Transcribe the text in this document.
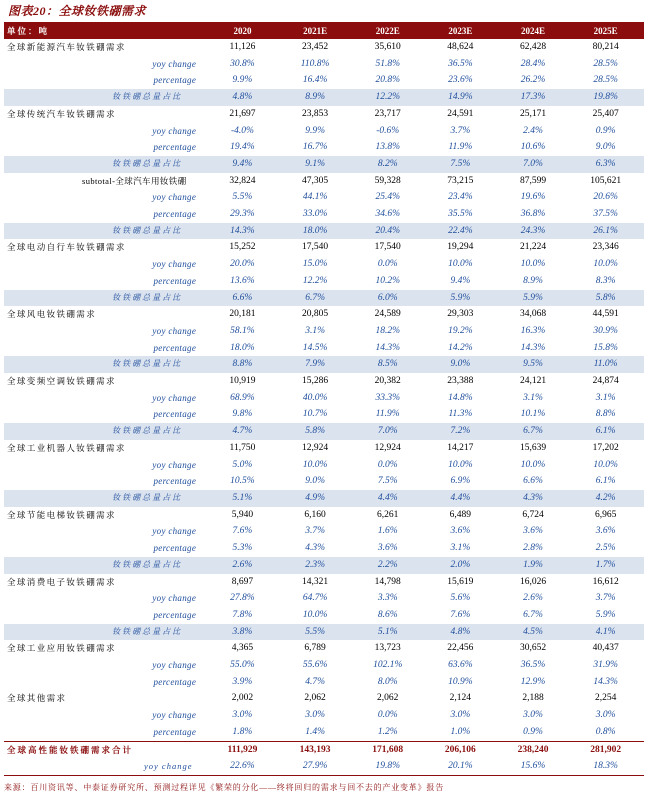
图表20：全球钕铁硼需求
单位：吨	2020	2021E	2022E	2023E	2024E	2025E
全球新能源汽车钕铁硼需求	11,126	23,452	35,610	48,624	62,428	80,214
yoy change	30.8%	110.8%	51.8%	36.5%	28.4%	28.5%
percentage	9.9%	16.4%	20.8%	23.6%	26.2%	28.5%
钕铁硼总量占比	4.8%	8.9%	12.2%	14.9%	17.3%	19.8%
全球传统汽车钕铁硼需求	21,697	23,853	23,717	24,591	25,171	25,407
yoy change	-4.0%	9.9%	-0.6%	3.7%	2.4%	0.9%
percentage	19.4%	16.7%	13.8%	11.9%	10.6%	9.0%
钕铁硼总量占比	9.4%	9.1%	8.2%	7.5%	7.0%	6.3%
subtotal-全球汽车用钕铁硼	32,824	47,305	59,328	73,215	87,599	105,621
yoy change	5.5%	44.1%	25.4%	23.4%	19.6%	20.6%
percentage	29.3%	33.0%	34.6%	35.5%	36.8%	37.5%
钕铁硼总量占比	14.3%	18.0%	20.4%	22.4%	24.3%	26.1%
全球电动自行车钕铁硼需求	15,252	17,540	17,540	19,294	21,224	23,346
yoy change	20.0%	15.0%	0.0%	10.0%	10.0%	10.0%
percentage	13.6%	12.2%	10.2%	9.4%	8.9%	8.3%
钕铁硼总量占比	6.6%	6.7%	6.0%	5.9%	5.9%	5.8%
全球风电钕铁硼需求	20,181	20,805	24,589	29,303	34,068	44,591
yoy change	58.1%	3.1%	18.2%	19.2%	16.3%	30.9%
percentage	18.0%	14.5%	14.3%	14.2%	14.3%	15.8%
钕铁硼总量占比	8.8%	7.9%	8.5%	9.0%	9.5%	11.0%
全球变频空调钕铁硼需求	10,919	15,286	20,382	23,388	24,121	24,874
yoy change	68.9%	40.0%	33.3%	14.8%	3.1%	3.1%
percentage	9.8%	10.7%	11.9%	11.3%	10.1%	8.8%
钕铁硼总量占比	4.7%	5.8%	7.0%	7.2%	6.7%	6.1%
全球工业机器人钕铁硼需求	11,750	12,924	12,924	14,217	15,639	17,202
yoy change	5.0%	10.0%	0.0%	10.0%	10.0%	10.0%
percentage	10.5%	9.0%	7.5%	6.9%	6.6%	6.1%
钕铁硼总量占比	5.1%	4.9%	4.4%	4.4%	4.3%	4.2%
全球节能电梯钕铁硼需求	5,940	6,160	6,261	6,489	6,724	6,965
yoy change	7.6%	3.7%	1.6%	3.6%	3.6%	3.6%
percentage	5.3%	4.3%	3.6%	3.1%	2.8%	2.5%
钕铁硼总量占比	2.6%	2.3%	2.2%	2.0%	1.9%	1.7%
全球消费电子钕铁硼需求	8,697	14,321	14,798	15,619	16,026	16,612
yoy change	27.8%	64.7%	3.3%	5.6%	2.6%	3.7%
percentage	7.8%	10.0%	8.6%	7.6%	6.7%	5.9%
钕铁硼总量占比	3.8%	5.5%	5.1%	4.8%	4.5%	4.1%
全球工业应用钕铁硼需求	4,365	6,789	13,723	22,456	30,652	40,437
yoy change	55.0%	55.6%	102.1%	63.6%	36.5%	31.9%
percentage	3.9%	4.7%	8.0%	10.9%	12.9%	14.3%
全球其他需求	2,002	2,062	2,062	2,124	2,188	2,254
yoy change	3.0%	3.0%	0.0%	3.0%	3.0%	3.0%
percentage	1.8%	1.4%	1.2%	1.0%	0.9%	0.8%
全球高性能钕铁硼需求合计	111,929	143,193	171,608	206,106	238,240	281,902
yoy change	22.6%	27.9%	19.8%	20.1%	15.6%	18.3%
来源：百川资讯等、中泰证券研究所、预测过程详见《繁荣的分化——终将回归的需求与回不去的产业变革》报告
